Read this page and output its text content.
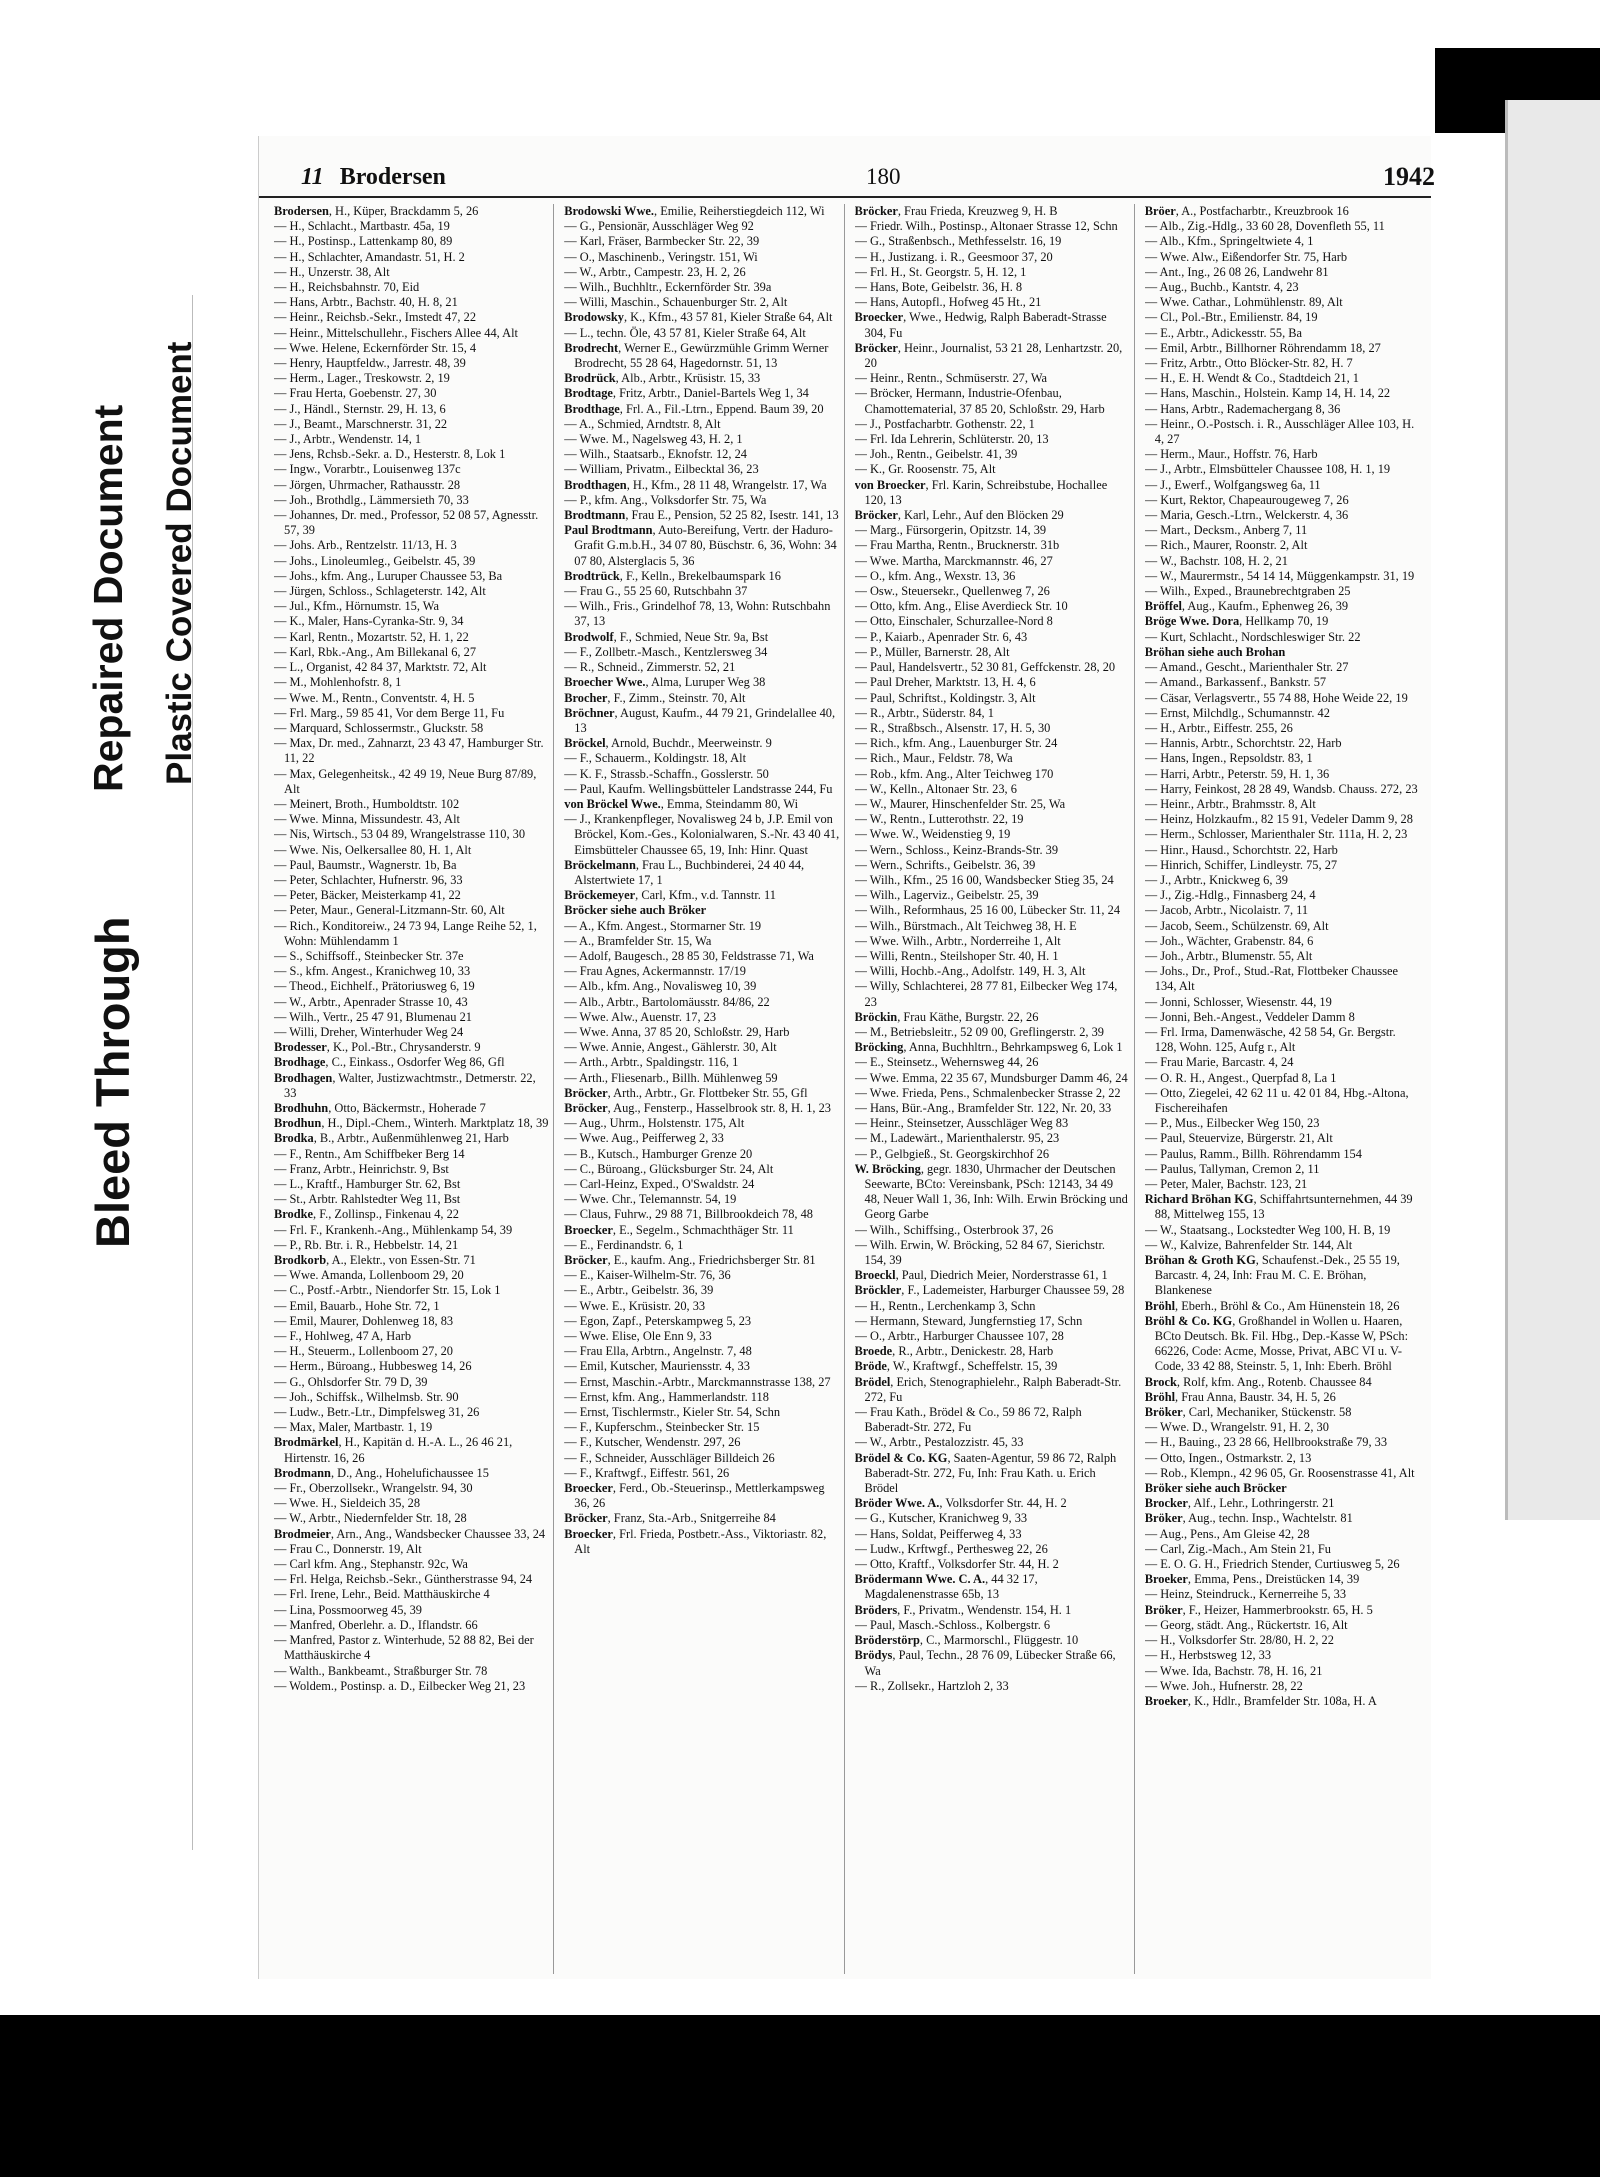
Bleed Through
Repaired Document Plastic Covered Document
11 Brodersen	180	1942
Brodersen, H., Küper, Brackdamm 5, 26
— H., Schlacht., Martbastr. 45a, 19
— H., Postinsp., Lattenkamp 80, 89
— H., Schlachter, Amandastr. 51, H. 2
— H., Unzerstr. 38, Alt
— H., Reichsbahnstr. 70, Eid
— Hans, Arbtr., Bachstr. 40, H. 8, 21
— Heinr., Reichsb.-Sekr., Imstedt 47, 22
— Heinr., Mittelschullehr., Fischers Allee 44, Alt
— Wwe. Helene, Eckernförder Str. 15, 4
— Henry, Hauptfeldw., Jarrestr. 48, 39
— Herm., Lager., Treskowstr. 2, 19
— Frau Herta, Goebenstr. 27, 30
— J., Händl., Sternstr. 29, H. 13, 6
— J., Beamt., Marschnerstr. 31, 22
— J., Arbtr., Wendenstr. 14, 1
— Jens, Rchsb.-Sekr. a. D., Hesterstr. 8, Lok 1
— Ingw., Vorarbtr., Louisenweg 137c
— Jörgen, Uhrmacher, Rathausstr. 28
— Joh., Brothdlg., Lämmersieth 70, 33
— Johannes, Dr. med., Professor, 52 08 57, Agnesstr. 57, 39
— Johs. Arb., Rentzelstr. 11/13, H. 3
— Johs., Linoleumleg., Geibelstr. 45, 39
— Johs., kfm. Ang., Luruper Chaussee 53, Ba
— Jürgen, Schloss., Schlageterstr. 142, Alt
— Jul., Kfm., Hörnumstr. 15, Wa
— K., Maler, Hans-Cyranka-Str. 9, 34
— Karl, Rentn., Mozartstr. 52, H. 1, 22
— Karl, Rbk.-Ang., Am Billekanal 6, 27
— L., Organist, 42 84 37, Marktstr. 72, Alt
— M., Mohlenhofstr. 8, 1
— Wwe. M., Rentn., Conventstr. 4, H. 5
— Frl. Marg., 59 85 41, Vor dem Berge 11, Fu
— Marquard, Schlossermstr., Gluckstr. 58
— Max, Dr. med., Zahnarzt, 23 43 47, Hamburger Str. 11, 22
— Max, Gelegenheitsk., 42 49 19, Neue Burg 87/89, Alt
— Meinert, Broth., Humboldtstr. 102
— Wwe. Minna, Missundestr. 43, Alt
— Nis, Wirtsch., 53 04 89, Wrangelstrasse 110, 30
— Wwe. Nis, Oelkersallee 80, H. 1, Alt
— Paul, Baumstr., Wagnerstr. 1b, Ba
— Peter, Schlachter, Hufnerstr. 96, 33
— Peter, Bäcker, Meisterkamp 41, 22
— Peter, Maur., General-Litzmann-Str. 60, Alt
— Rich., Konditoreiw., 24 73 94, Lange Reihe 52, 1, Wohn: Mühlendamm 1
— S., Schiffsoff., Steinbecker Str. 37e
— S., kfm. Angest., Kranichweg 10, 33
— Theod., Eichhelf., Prätoriusweg 6, 19
— W., Arbtr., Apenrader Strasse 10, 43
— Wilh., Vertr., 25 47 91, Blumenau 21
— Willi, Dreher, Winterhuder Weg 24
Brodesser, K., Pol.-Btr., Chrysanderstr. 9
Brodhage, C., Einkass., Osdorfer Weg 86, Gfl
Brodhagen, Walter, Justizwachtmstr., Detmerstr. 22, 33
Brodhuhn, Otto, Bäckermstr., Hoherade 7
Brodhun, H., Dipl.-Chem., Winterh. Marktplatz 18, 39
Brodka, B., Arbtr., Außenmühlenweg 21, Harb
— F., Rentn., Am Schiffbeker Berg 14
— Franz, Arbtr., Heinrichstr. 9, Bst
— L., Kraftf., Hamburger Str. 62, Bst
— St., Arbtr. Rahlstedter Weg 11, Bst
Brodke, F., Zollinsp., Finkenau 4, 22
— Frl. F., Krankenh.-Ang., Mühlenkamp 54, 39
— P., Rb. Btr. i. R., Hebbelstr. 14, 21
Brodkorb, A., Elektr., von Essen-Str. 71
— Wwe. Amanda, Lollenboom 29, 20
— C., Postf.-Arbtr., Niendorfer Str. 15, Lok 1
— Emil, Bauarb., Hohe Str. 72, 1
— Emil, Maurer, Dohlenweg 18, 83
— F., Hohlweg, 47 A, Harb
— H., Steuerm., Lollenboom 27, 20
— Herm., Büroang., Hubbesweg 14, 26
— G., Ohlsdorfer Str. 79 D, 39
— Joh., Schiffsk., Wilhelmsb. Str. 90
— Ludw., Betr.-Ltr., Dimpfelsweg 31, 26
— Max, Maler, Martbastr. 1, 19
Brodmärkel, H., Kapitän d. H.-A. L., 26 46 21, Hirtenstr. 16, 26
Brodmann, D., Ang., Hohelufichaussee 15
— Fr., Oberzollsekr., Wrangelstr. 94, 30
— Wwe. H., Sieldeich 35, 28
— W., Arbtr., Niedernfelder Str. 18, 28
Brodmeier, Arn., Ang., Wandsbecker Chaussee 33, 24
— Frau C., Donnerstr. 19, Alt
— Carl kfm. Ang., Stephanstr. 92c, Wa
— Frl. Helga, Reichsb.-Sekr., Güntherstrasse 94, 24
— Frl. Irene, Lehr., Beid. Matthäuskirche 4
— Lina, Possmoorweg 45, 39
— Manfred, Oberlehr. a. D., Iflandstr. 66
— Manfred, Pastor z. Winterhude, 52 88 82, Bei der Matthäuskirche 4
— Walth., Bankbeamt., Straßburger Str. 78
— Woldem., Postinsp. a. D., Eilbecker Weg 21, 23
Brodowski Wwe., Emilie, Reiherstiegdeich 112, Wi
— G., Pensionär, Ausschläger Weg 92
— Karl, Fräser, Barmbecker Str. 22, 39
— O., Maschinenb., Veringstr. 151, Wi
— W., Arbtr., Campestr. 23, H. 2, 26
— Wilh., Buchhltr., Eckernförder Str. 39a
— Willi, Maschin., Schauenburger Str. 2, Alt
Brodowsky, K., Kfm., 43 57 81, Kieler Straße 64, Alt
— L., techn. Öle, 43 57 81, Kieler Straße 64, Alt
Brodrecht, Werner E., Gewürzmühle Grimm Werner Brodrecht, 55 28 64, Hagedornstr. 51, 13
Brodrück, Alb., Arbtr., Krüsistr. 15, 33
Brodtage, Fritz, Arbtr., Daniel-Bartels Weg 1, 34
Brodthage, Frl. A., Fil.-Ltrn., Eppend. Baum 39, 20
— A., Schmied, Arndtstr. 8, Alt
— Wwe. M., Nagelsweg 43, H. 2, 1
— Wilh., Staatsarb., Eknofstr. 12, 24
— William, Privatm., Eilbecktal 36, 23
Brodthagen, H., Kfm., 28 11 48, Wrangelstr. 17, Wa
— P., kfm. Ang., Volksdorfer Str. 75, Wa
Brodtmann, Frau E., Pension, 52 25 82, Isestr. 141, 13
Paul Brodtmann, Auto-Bereifung, Vertr. der Haduro-Grafit G.m.b.H., 34 07 80, Büschstr. 6, 36, Wohn: 34 07 80, Alsterglacis 5, 36
Brodtrück, F., Kelln., Brekelbaumspark 16
— Frau G., 55 25 60, Rutschbahn 37
— Wilh., Fris., Grindelhof 78, 13, Wohn: Rutschbahn 37, 13
Brodwolf, F., Schmied, Neue Str. 9a, Bst
— F., Zollbetr.-Masch., Kentzlersweg 34
— R., Schneid., Zimmerstr. 52, 21
Broecher Wwe., Alma, Luruper Weg 38
Brocher, F., Zimm., Steinstr. 70, Alt
Bröchner, August, Kaufm., 44 79 21, Grindelallee 40, 13
Bröckel, Arnold, Buchdr., Meerweinstr. 9
— F., Schauerm., Koldingstr. 18, Alt
— K. F., Strassb.-Schaffn., Gosslerstr. 50
— Paul, Kaufm. Wellingsbütteler Landstrasse 244, Fu
von Bröckel Wwe., Emma, Steindamm 80, Wi
— J., Krankenpfleger, Novalisweg 24 b, J.P. Emil von Bröckel, Kom.-Ges., Kolonialwaren, S.-Nr. 43 40 41, Eimsbütteler Chaussee 65, 19, Inh: Hinr. Quast
Bröckelmann, Frau L., Buchbinderei, 24 40 44, Alstertwiete 17, 1
Bröckemeyer, Carl, Kfm., v.d. Tannstr. 11
Bröcker siehe auch Bröker
— A., Kfm. Angest., Stormarner Str. 19
— A., Bramfelder Str. 15, Wa
— Adolf, Baugesch., 28 85 30, Feldstrasse 71, Wa
— Frau Agnes, Ackermannstr. 17/19
— Alb., kfm. Ang., Novalisweg 10, 39
— Alb., Arbtr., Bartolomäusstr. 84/86, 22
— Wwe. Alw., Auenstr. 17, 23
— Wwe. Anna, 37 85 20, Schloßstr. 29, Harb
— Wwe. Annie, Angest., Gählerstr. 30, Alt
— Arth., Arbtr., Spaldingstr. 116, 1
— Arth., Fliesenarb., Billh. Mühlenweg 59
Bröcker, Arth., Arbtr., Gr. Flottbeker Str. 55, Gfl
Bröcker, Aug., Fensterp., Hasselbrook str. 8, H. 1, 23
— Aug., Uhrm., Holstenstr. 175, Alt
— Wwe. Aug., Peifferweg 2, 33
— B., Kutsch., Hamburger Grenze 20
— C., Büroang., Glücksburger Str. 24, Alt
— Carl-Heinz, Exped., O'Swaldstr. 24
— Wwe. Chr., Telemannstr. 54, 19
— Claus, Fuhrw., 29 88 71, Billbrookdeich 78, 48
Broecker, E., Segelm., Schmachthäger Str. 11
— E., Ferdinandstr. 6, 1
Bröcker, E., kaufm. Ang., Friedrichsberger Str. 81
— E., Kaiser-Wilhelm-Str. 76, 36
— E., Arbtr., Geibelstr. 36, 39
— Wwe. E., Krüsistr. 20, 33
— Egon, Zapf., Peterskampweg 5, 23
— Wwe. Elise, Ole Enn 9, 33
— Frau Ella, Arbtrn., Angelnstr. 7, 48
— Emil, Kutscher, Mauriensstr. 4, 33
— Ernst, Maschin.-Arbtr., Marckmannstrasse 138, 27
— Ernst, kfm. Ang., Hammerlandstr. 118
— Ernst, Tischlermstr., Kieler Str. 54, Schn
— F., Kupferschm., Steinbecker Str. 15
— F., Kutscher, Wendenstr. 297, 26
— F., Schneider, Ausschläger Billdeich 26
— F., Kraftwgf., Eiffestr. 561, 26
Broecker, Ferd., Ob.-Steuerinsp., Mettlerkampsweg 36, 26
Bröcker, Franz, Sta.-Arb., Snitgerreihe 84
Broecker, Frl. Frieda, Postbetr.-Ass., Viktoriastr. 82, Alt
Bröcker, Frau Frieda, Kreuzweg 9, H. B
— Friedr. Wilh., Postinsp., Altonaer Strasse 12, Schn
— G., Straßenbsch., Methfesselstr. 16, 19
— H., Justizang. i. R., Geesmoor 37, 20
— Frl. H., St. Georgstr. 5, H. 12, 1
— Hans, Bote, Geibelstr. 36, H. 8
— Hans, Autopfl., Hofweg 45 Ht., 21
Broecker, Wwe., Hedwig, Ralph Baberadt-Strasse 304, Fu
Bröcker, Heinr., Journalist, 53 21 28, Lenhartzstr. 20, 20
— Heinr., Rentn., Schmüserstr. 27, Wa
— Bröcker, Hermann, Industrie-Ofenbau, Chamottematerial, 37 85 20, Schloßstr. 29, Harb
— J., Postfacharbtr. Gothenstr. 22, 1
— Frl. Ida Lehrerin, Schlüterstr. 20, 13
— Joh., Rentn., Geibelstr. 41, 39
— K., Gr. Roosenstr. 75, Alt
von Broecker, Frl. Karin, Schreibstube, Hochallee 120, 13
Bröcker, Karl, Lehr., Auf den Blöcken 29
— Marg., Fürsorgerin, Opitzstr. 14, 39
— Frau Martha, Rentn., Brucknerstr. 31b
— Wwe. Martha, Marckmannstr. 46, 27
— O., kfm. Ang., Wexstr. 13, 36
— Osw., Steuersekr., Quellenweg 7, 26
— Otto, kfm. Ang., Elise Averdieck Str. 10
— Otto, Einschaler, Schurzallee-Nord 8
— P., Kaiarb., Apenrader Str. 6, 43
— P., Müller, Barnerstr. 28, Alt
— Paul, Handelsvertr., 52 30 81, Geffckenstr. 28, 20
— Paul Dreher, Marktstr. 13, H. 4, 6
— Paul, Schriftst., Koldingstr. 3, Alt
— R., Arbtr., Süderstr. 84, 1
— R., Straßbsch., Alsenstr. 17, H. 5, 30
— Rich., kfm. Ang., Lauenburger Str. 24
— Rich., Maur., Feldstr. 78, Wa
— Rob., kfm. Ang., Alter Teichweg 170
— W., Kelln., Altonaer Str. 23, 6
— W., Maurer, Hinschenfelder Str. 25, Wa
— W., Rentn., Lutterothstr. 22, 19
— Wwe. W., Weidenstieg 9, 19
— Wern., Schloss., Keinz-Brands-Str. 39
— Wern., Schrifts., Geibelstr. 36, 39
— Wilh., Kfm., 25 16 00, Wandsbecker Stieg 35, 24
— Wilh., Lagerviz., Geibelstr. 25, 39
— Wilh., Reformhaus, 25 16 00, Lübecker Str. 11, 24
— Wilh., Bürstmach., Alt Teichweg 38, H. E
— Wwe. Wilh., Arbtr., Norderreihe 1, Alt
— Willi, Rentn., Steilshoper Str. 40, H. 1
— Willi, Hochb.-Ang., Adolfstr. 149, H. 3, Alt
— Willy, Schlachterei, 28 77 81, Eilbecker Weg 174, 23
Bröckin, Frau Käthe, Burgstr. 22, 26
— M., Betriebsleitr., 52 09 00, Greflingerstr. 2, 39
Bröcking, Anna, Buchhltrn., Behrkampsweg 6, Lok 1
— E., Steinsetz., Wehernsweg 44, 26
— Wwe. Emma, 22 35 67, Mundsburger Damm 46, 24
— Wwe. Frieda, Pens., Schmalenbecker Strasse 2, 22
— Hans, Bür.-Ang., Bramfelder Str. 122, Nr. 20, 33
— Heinr., Steinsetzer, Ausschläger Weg 83
— M., Ladewärt., Marienthalerstr. 95, 23
— P., Gelbgieß., St. Georgskirchhof 26
W. Bröcking, gegr. 1830, Uhrmacher der Deutschen Seewarte, BCto: Vereinsbank, PSch: 12143, 34 49 48, Neuer Wall 1, 36, Inh: Wilh. Erwin Bröcking und Georg Garbe
— Wilh., Schiffsing., Osterbrook 37, 26
— Wilh. Erwin, W. Bröcking, 52 84 67, Sierichstr. 154, 39
Broeckl, Paul, Diedrich Meier, Norderstrasse 61, 1
Bröckler, F., Lademeister, Harburger Chaussee 59, 28
— H., Rentn., Lerchenkamp 3, Schn
— Hermann, Steward, Jungfernstieg 17, Schn
— O., Arbtr., Harburger Chaussee 107, 28
Broede, R., Arbtr., Denickestr. 28, Harb
Bröde, W., Kraftwgf., Scheffelstr. 15, 39
Brödel, Erich, Stenographielehr., Ralph Baberadt-Str. 272, Fu
— Frau Kath., Brödel & Co., 59 86 72, Ralph Baberadt-Str. 272, Fu
— W., Arbtr., Pestalozzistr. 45, 33
Brödel & Co. KG, Saaten-Agentur, 59 86 72, Ralph Baberadt-Str. 272, Fu, Inh: Frau Kath. u. Erich Brödel
Bröder Wwe. A., Volksdorfer Str. 44, H. 2
— G., Kutscher, Kranichweg 9, 33
— Hans, Soldat, Peifferweg 4, 33
— Ludw., Krftwgf., Perthesweg 22, 26
— Otto, Kraftf., Volksdorfer Str. 44, H. 2
Brödermann Wwe. C. A., 44 32 17, Magdalenenstrasse 65b, 13
Bröders, F., Privatm., Wendenstr. 154, H. 1
— Paul, Masch.-Schloss., Kolbergstr. 6
Bröderstörp, C., Marmorschl., Flüggestr. 10
Brödys, Paul, Techn., 28 76 09, Lübecker Straße 66, Wa
— R., Zollsekr., Hartzloh 2, 33
Bröer, A., Postfacharbtr., Kreuzbrook 16
— Alb., Zig.-Hdlg., 33 60 28, Dovenfleth 55, 11
— Alb., Kfm., Springeltwiete 4, 1
— Wwe. Alw., Eißendorfer Str. 75, Harb
— Ant., Ing., 26 08 26, Landwehr 81
— Aug., Buchb., Kantstr. 4, 23
— Wwe. Cathar., Lohmühlenstr. 89, Alt
— Cl., Pol.-Btr., Emilienstr. 84, 19
— E., Arbtr., Adickesstr. 55, Ba
— Emil, Arbtr., Billhorner Röhrendamm 18, 27
— Fritz, Arbtr., Otto Blöcker-Str. 82, H. 7
— H., E. H. Wendt & Co., Stadtdeich 21, 1
— Hans, Maschin., Holstein. Kamp 14, H. 14, 22
— Hans, Arbtr., Rademachergang 8, 36
— Heinr., O.-Postsch. i. R., Ausschläger Allee 103, H. 4, 27
— Herm., Maur., Hoffstr. 76, Harb
— J., Arbtr., Elmsbütteler Chaussee 108, H. 1, 19
— J., Ewerf., Wolfgangsweg 6a, 11
— Kurt, Rektor, Chapeaurougeweg 7, 26
— Maria, Gesch.-Ltrn., Welckerstr. 4, 36
— Mart., Decksm., Anberg 7, 11
— Rich., Maurer, Roonstr. 2, Alt
— W., Bachstr. 108, H. 2, 21
— W., Maurermstr., 54 14 14, Müggenkampstr. 31, 19
— Wilh., Exped., Braunebrechtgraben 25
Bröffel, Aug., Kaufm., Ephenweg 26, 39
Bröge Wwe. Dora, Hellkamp 70, 19
— Kurt, Schlacht., Nordschleswiger Str. 22
Bröhan siehe auch Brohan
— Amand., Gescht., Marienthaler Str. 27
— Amand., Barkassenf., Bankstr. 57
— Cäsar, Verlagsvertr., 55 74 88, Hohe Weide 22, 19
— Ernst, Milchdlg., Schumannstr. 42
— H., Arbtr., Eiffestr. 255, 26
— Hannis, Arbtr., Schorchtstr. 22, Harb
— Hans, Ingen., Repsoldstr. 83, 1
— Harri, Arbtr., Peterstr. 59, H. 1, 36
— Harry, Feinkost, 28 28 49, Wandsb. Chauss. 272, 23
— Heinr., Arbtr., Brahmsstr. 8, Alt
— Heinz, Holzkaufm., 82 15 91, Vedeler Damm 9, 28
— Herm., Schlosser, Marienthaler Str. 111a, H. 2, 23
— Hinr., Hausd., Schorchtstr. 22, Harb
— Hinrich, Schiffer, Lindleystr. 75, 27
— J., Arbtr., Knickweg 6, 39
— J., Zig.-Hdlg., Finnasberg 24, 4
— Jacob, Arbtr., Nicolaistr. 7, 11
— Jacob, Seem., Schülzenstr. 69, Alt
— Joh., Wächter, Grabenstr. 84, 6
— Joh., Arbtr., Blumenstr. 55, Alt
— Johs., Dr., Prof., Stud.-Rat, Flottbeker Chaussee 134, Alt
— Jonni, Schlosser, Wiesenstr. 44, 19
— Jonni, Beh.-Angest., Veddeler Damm 8
— Frl. Irma, Damenwäsche, 42 58 54, Gr. Bergstr. 128, Wohn. 125, Aufg r., Alt
— Frau Marie, Barcastr. 4, 24
— O. R. H., Angest., Querpfad 8, La 1
— Otto, Ziegelei, 42 62 11 u. 42 01 84, Hbg.-Altona, Fischereihafen
— P., Mus., Eilbecker Weg 150, 23
— Paul, Steuervize, Bürgerstr. 21, Alt
— Paulus, Ramm., Billh. Röhrendamm 154
— Paulus, Tallyman, Cremon 2, 11
— Peter, Maler, Bachstr. 123, 21
Richard Bröhan KG, Schiffahrtsunternehmen, 44 39 88, Mittelweg 155, 13
— W., Staatsang., Lockstedter Weg 100, H. B, 19
— W., Kalvize, Bahrenfelder Str. 144, Alt
Bröhan & Groth KG, Schaufenst.-Dek., 25 55 19, Barcastr. 4, 24, Inh: Frau M. C. E. Bröhan, Blankenese
Bröhl, Eberh., Bröhl & Co., Am Hünenstein 18, 26
Bröhl & Co. KG, Großhandel in Wollen u. Haaren, BCto Deutsch. Bk. Fil. Hbg., Dep.-Kasse W, PSch: 66226, Code: Acme, Mosse, Privat, ABC VI u. V-Code, 33 42 88, Steinstr. 5, 1, Inh: Eberh. Bröhl
Brock, Rolf, kfm. Ang., Rotenb. Chaussee 84
Bröhl, Frau Anna, Baustr. 34, H. 5, 26
Bröker, Carl, Mechaniker, Stückenstr. 58
— Wwe. D., Wrangelstr. 91, H. 2, 30
— H., Bauing., 23 28 66, Hellbrookstraße 79, 33
— Otto, Ingen., Ostmarkstr. 2, 13
— Rob., Klempn., 42 96 05, Gr. Roosenstrasse 41, Alt
Bröker siehe auch Bröcker
Brocker, Alf., Lehr., Lothringerstr. 21
Bröker, Aug., techn. Insp., Wachtelstr. 81
— Aug., Pens., Am Gleise 42, 28
— Carl, Zig.-Mach., Am Stein 21, Fu
— E. O. G. H., Friedrich Stender, Curtiusweg 5, 26
Broeker, Emma, Pens., Dreistücken 14, 39
— Heinz, Steindruck., Kernerreihe 5, 33
Bröker, F., Heizer, Hammerbrookstr. 65, H. 5
— Georg, städt. Ang., Rückertstr. 16, Alt
— H., Volksdorfer Str. 28/80, H. 2, 22
— H., Herbstsweg 12, 33
— Wwe. Ida, Bachstr. 78, H. 16, 21
— Wwe. Joh., Hufnerstr. 28, 22
Broeker, K., Hdlr., Bramfelder Str. 108a, H. A
